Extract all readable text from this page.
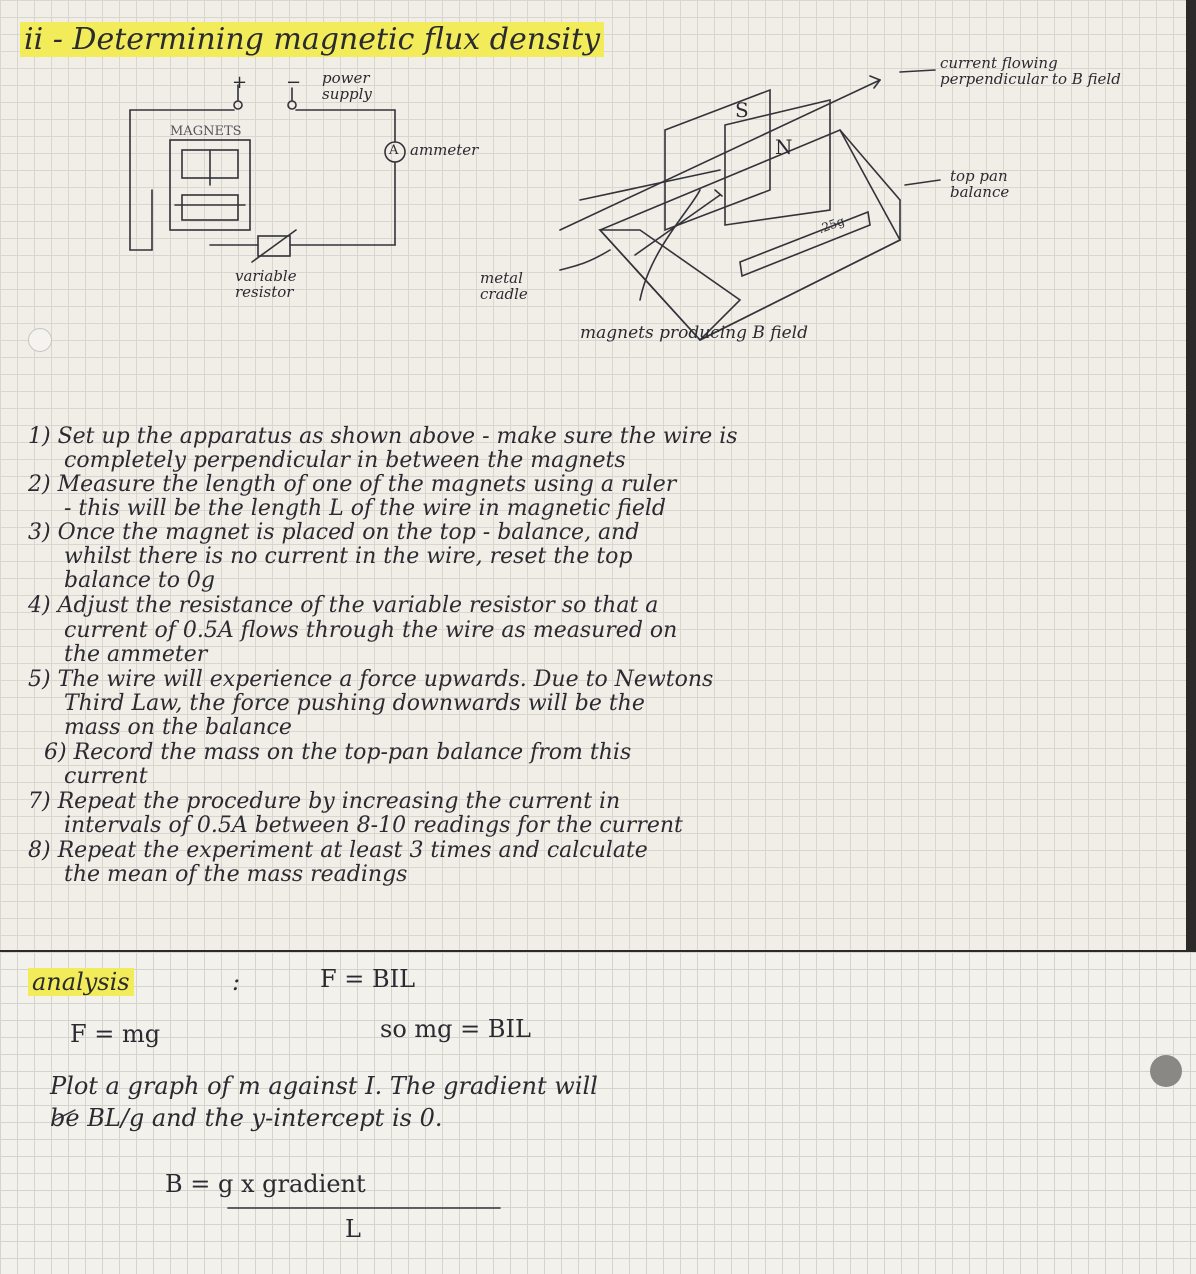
ii - Determining magnetic flux density
+ − power supply
MAGNETS
A ammeter
variable resistor
metal cradle
S
N
current flowing perpendicular to B field
top pan balance
.25g
magnets producing B field
1) Set up the apparatus as shown above - make sure the wire is
completely perpendicular in between the magnets
2) Measure the length of one of the magnets using a ruler
- this will be the length L of the wire in magnetic field
3) Once the magnet is placed on the top - balance, and
whilst there is no current in the wire, reset the top
balance to 0g
4) Adjust the resistance of the variable resistor so that a
current of 0.5A flows through the wire as measured on
the ammeter
5) The wire will experience a force upwards. Due to Newtons
Third Law, the force pushing downwards will be the
mass on the balance
6) Record the mass on the top-pan balance from this
current
7) Repeat the procedure by increasing the current in
intervals of 0.5A between 8-10 readings for the current
8) Repeat the experiment at least 3 times and calculate
the mean of the mass readings
analysis	:	F = BIL
F = mg	so mg = BIL
Plot a graph of m against I. The gradient will
be BL/g and the y-intercept is 0.
B = g x gradient
L
